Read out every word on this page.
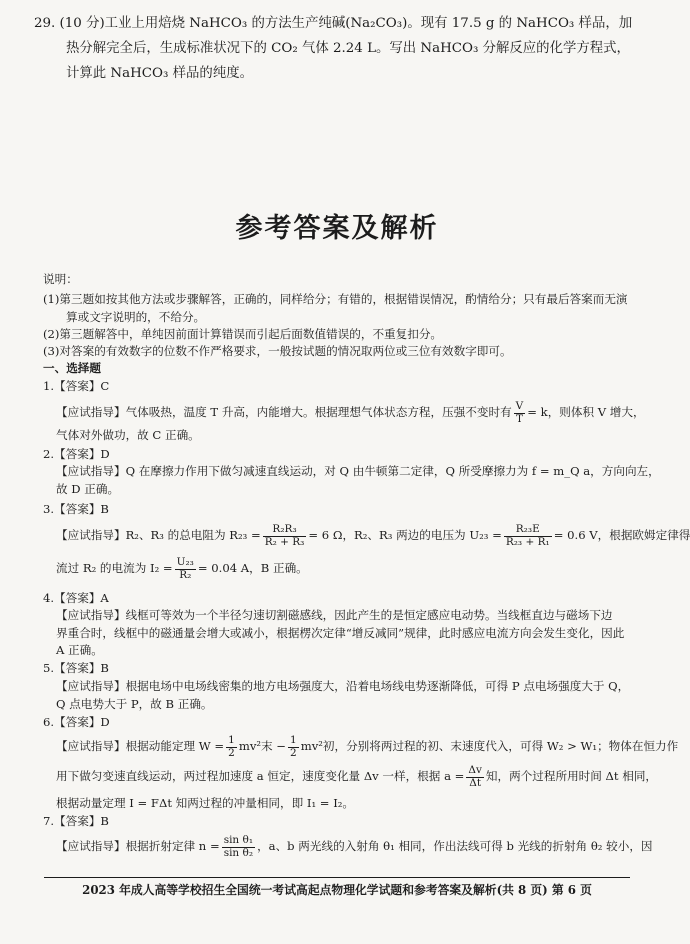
29. (10 分)工业上用焙烧 NaHCO₃ 的方法生产纯碱(Na₂CO₃)。现有 17.5 g 的 NaHCO₃ 样品，加
热分解完全后，生成标准状况下的 CO₂ 气体 2.24 L。写出 NaHCO₃ 分解反应的化学方程式，
计算此 NaHCO₃ 样品的纯度。
参考答案及解析
说明：
(1)第三题如按其他方法或步骤解答，正确的，同样给分；有错的，根据错误情况，酌情给分；只有最后答案而无演
算或文字说明的，不给分。
(2)第三题解答中，单纯因前面计算错误而引起后面数值错误的，不重复扣分。
(3)对答案的有效数字的位数不作严格要求，一般按试题的情况取两位或三位有效数字即可。
一、选择题
1.【答案】C
【应试指导】气体吸热，温度 T 升高，内能增大。根据理想气体状态方程，压强不变时有 $\frac{V}{T} = k$，则体积 V 增大，
气体对外做功，故 C 正确。
2.【答案】D
【应试指导】Q 在摩擦力作用下做匀减速直线运动，对 Q 由牛顿第二定律，Q 所受摩擦力为 f = m_Q a，方向向左，
故 D 正确。
3.【答案】B
【应试指导】R₂、R₃ 的总电阻为 $R_{23} = \frac{\text{R₂R₃}}{\text{R₂ + R₃}} = 6$ Ω，R₂、R₃ 两边的电压为 $U_{23} = \frac{\text{R₂₃E}}{\text{R₂₃ + R₁}} = 0.6$ V，根据欧姆定律得
流过 R₂ 的电流为 $I_2 = \frac{\text{U₂₃}}{\text{R₂}} = 0.04$ A，B 正确。
4.【答案】A
【应试指导】线框可等效为一个半径匀速切割磁感线，因此产生的是恒定感应电动势。当线框直边与磁场下边
界重合时，线框中的磁通量会增大或减小，根据楞次定律“增反减同”规律，此时感应电流方向会发生变化，因此
A 正确。
5.【答案】B
【应试指导】根据电场中电场线密集的地方电场强度大，沿着电场线电势逐渐降低，可得 P 点电场强度大于 Q，
Q 点电势大于 P，故 B 正确。
6.【答案】D
【应试指导】根据动能定理 $W = \frac{1}{2} mv^2$末 − $\frac{1}{2} mv^2$初，分别将两过程的初、末速度代入，可得 W₂ > W₁；物体在恒力作
用下做匀变速直线运动，两过程加速度 a 恒定，速度变化量 Δv 一样，根据 $a = \frac{\Delta v}{\Delta t}$ 知，两个过程所用时间 Δt 相同，
根据动量定理 I = FΔt 知两过程的冲量相同，即 I₁ = I₂。
7.【答案】B
【应试指导】根据折射定律 $n = \frac{\text{sin θ₁}}{\text{sin θ₂}}$ ，a、b 两光线的入射角 θ₁ 相同，作出法线可得 b 光线的折射角 θ₂ 较小，因
2023 年成人高等学校招生全国统一考试高起点物理化学试题和参考答案及解析(共 8 页) 第 6 页
